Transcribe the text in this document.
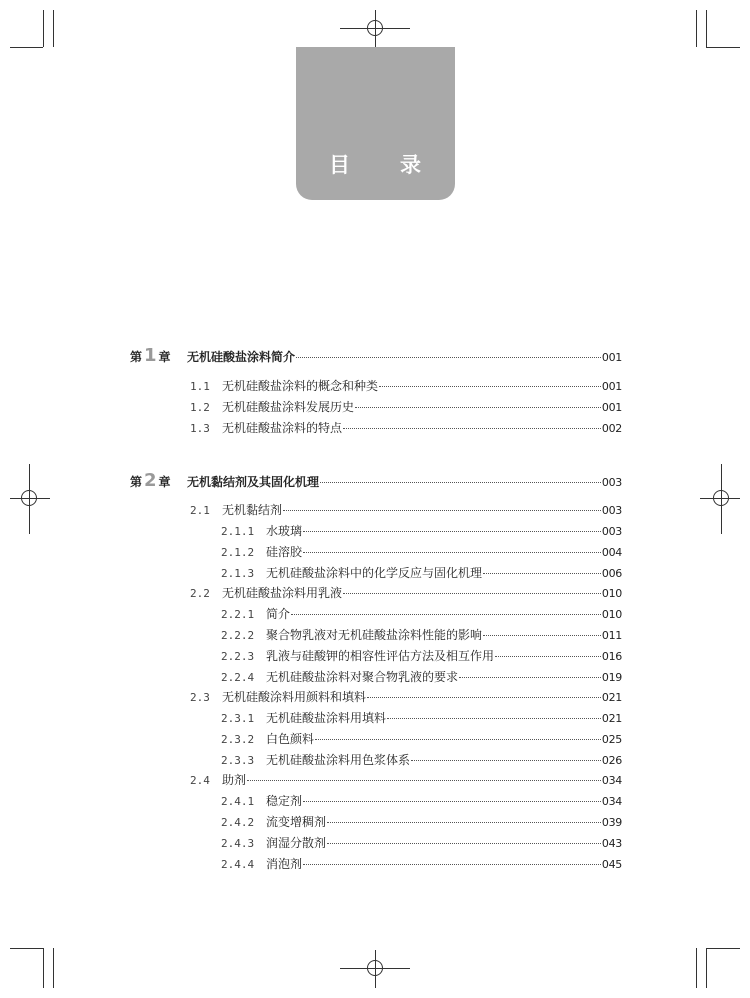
目 录
第 1 章	无机硅酸盐涂料简介	001
1.1	无机硅酸盐涂料的概念和种类	001
1.2	无机硅酸盐涂料发展历史	001
1.3	无机硅酸盐涂料的特点	002
第 2 章	无机黏结剂及其固化机理	003
2.1	无机黏结剂	003
2.1.1 水玻璃	003
2.1.2 硅溶胶	004
2.1.3 无机硅酸盐涂料中的化学反应与固化机理	006
2.2	无机硅酸盐涂料用乳液	010
2.2.1 简介	010
2.2.2 聚合物乳液对无机硅酸盐涂料性能的影响	011
2.2.3 乳液与硅酸钾的相容性评估方法及相互作用	016
2.2.4 无机硅酸盐涂料对聚合物乳液的要求	019
2.3	无机硅酸涂料用颜料和填料	021
2.3.1 无机硅酸盐涂料用填料	021
2.3.2 白色颜料	025
2.3.3 无机硅酸盐涂料用色浆体系	026
2.4	助剂	034
2.4.1 稳定剂	034
2.4.2 流变增稠剂	039
2.4.3 润湿分散剂	043
2.4.4 消泡剂	045
